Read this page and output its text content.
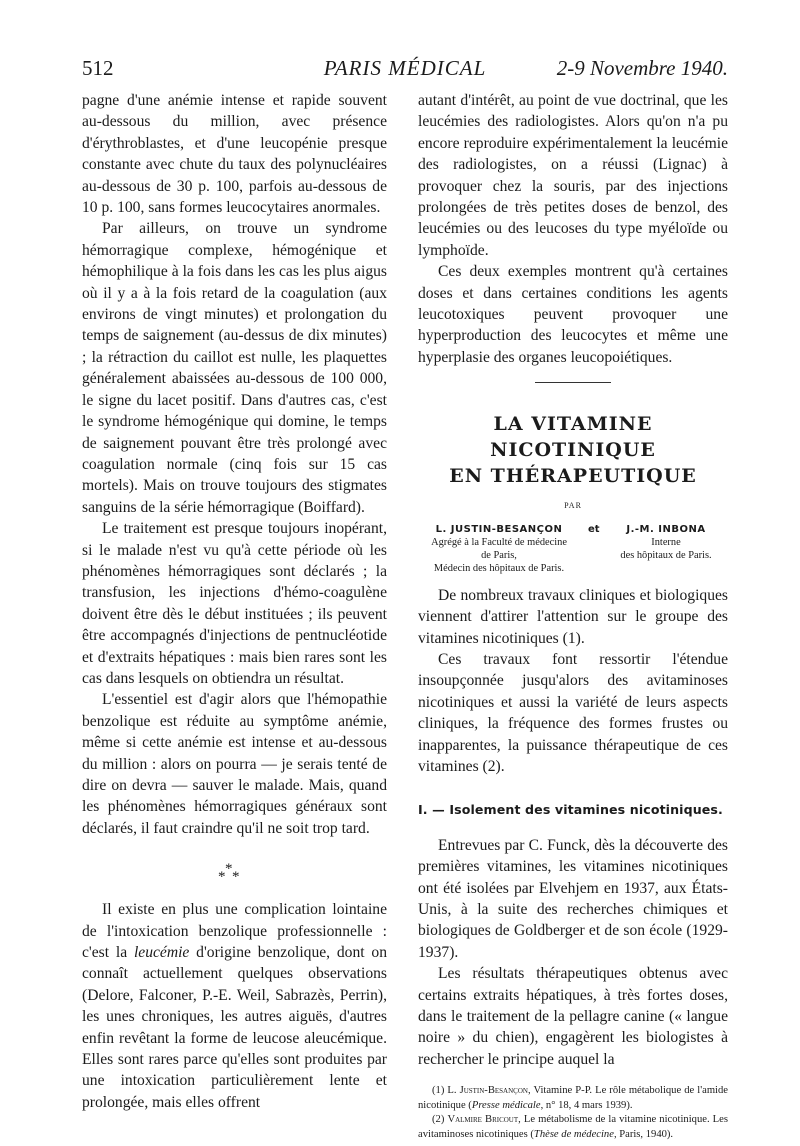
512	PARIS MÉDICAL	2-9 Novembre 1940.

pagne d'une anémie intense et rapide souvent au-dessous du million, avec présence d'érythroblastes, et d'une leucopénie presque constante avec chute du taux des polynucléaires au-dessous de 30 p. 100, parfois au-dessous de 10 p. 100, sans formes leucocytaires anormales.

Par ailleurs, on trouve un syndrome hémorragique complexe, hémogénique et hémophilique à la fois dans les cas les plus aigus où il y a à la fois retard de la coagulation (aux environs de vingt minutes) et prolongation du temps de saignement (au-dessus de dix minutes) ; la rétraction du caillot est nulle, les plaquettes généralement abaissées au-dessous de 100 000, le signe du lacet positif. Dans d'autres cas, c'est le syndrome hémogénique qui domine, le temps de saignement pouvant être très prolongé avec coagulation normale (cinq fois sur 15 cas mortels). Mais on trouve toujours des stigmates sanguins de la série hémorragique (Boiffard).

Le traitement est presque toujours inopérant, si le malade n'est vu qu'à cette période où les phénomènes hémorragiques sont déclarés ; la transfusion, les injections d'hémo-coagulène doivent être dès le début instituées ; ils peuvent être accompagnés d'injections de pentnucléotide et d'extraits hépatiques : mais bien rares sont les cas dans lesquels on obtiendra un résultat.

L'essentiel est d'agir alors que l'hémopathie benzolique est réduite au symptôme anémie, même si cette anémie est intense et au-dessous du million : alors on pourra — je serais tenté de dire on devra — sauver le malade. Mais, quand les phénomènes hémorragiques généraux sont déclarés, il faut craindre qu'il ne soit trop tard.

*
* *

Il existe en plus une complication lointaine de l'intoxication benzolique professionnelle : c'est la leucémie d'origine benzolique, dont on connaît actuellement quelques observations (Delore, Falconer, P.-E. Weil, Sabrazès, Perrin), les unes chroniques, les autres aiguës, d'autres enfin revêtant la forme de leucose aleucémique. Elles sont rares parce qu'elles sont produites par une intoxication particulièrement lente et prolongée, mais elles offrent

autant d'intérêt, au point de vue doctrinal, que les leucémies des radiologistes. Alors qu'on n'a pu encore reproduire expérimentalement la leucémie des radiologistes, on a réussi (Lignac) à provoquer chez la souris, par des injections prolongées de très petites doses de benzol, des leucémies ou des leucoses du type myéloïde ou lymphoïde.

Ces deux exemples montrent qu'à certaines doses et dans certaines conditions les agents leucotoxiques peuvent provoquer une hyperproduction des leucocytes et même une hyperplasie des organes leucopoiétiques.

LA VITAMINE NICOTINIQUE
EN THÉRAPEUTIQUE
PAR
L. JUSTIN-BESANÇON
Agrégé à la Faculté de médecine
de Paris,
Médecin des hôpitaux de Paris.
et	J.-M. INBONA
Interne
des hôpitaux de Paris.

De nombreux travaux cliniques et biologiques viennent d'attirer l'attention sur le groupe des vitamines nicotiniques (1).

Ces travaux font ressortir l'étendue insoupçonnée jusqu'alors des avitaminoses nicotiniques et aussi la variété de leurs aspects cliniques, la fréquence des formes frustes ou inapparentes, la puissance thérapeutique de ces vitamines (2).

I. — Isolement des vitamines nicotiniques.

Entrevues par C. Funck, dès la découverte des premières vitamines, les vitamines nicotiniques ont été isolées par Elvehjem en 1937, aux États-Unis, à la suite des recherches chimiques et biologiques de Goldberger et de son école (1929-1937).

Les résultats thérapeutiques obtenus avec certains extraits hépatiques, à très fortes doses, dans le traitement de la pellagre canine (« langue noire » du chien), engagèrent les biologistes à rechercher le principe auquel la

(1) L. Justin-Besançon, Vitamine P-P. Le rôle métabolique de l'amide nicotinique (Presse médicale, n° 18, 4 mars 1939).

(2) Valmire Bricout, Le métabolisme de la vitamine nicotinique. Les avitaminoses nicotiniques (Thèse de médecine, Paris, 1940).
